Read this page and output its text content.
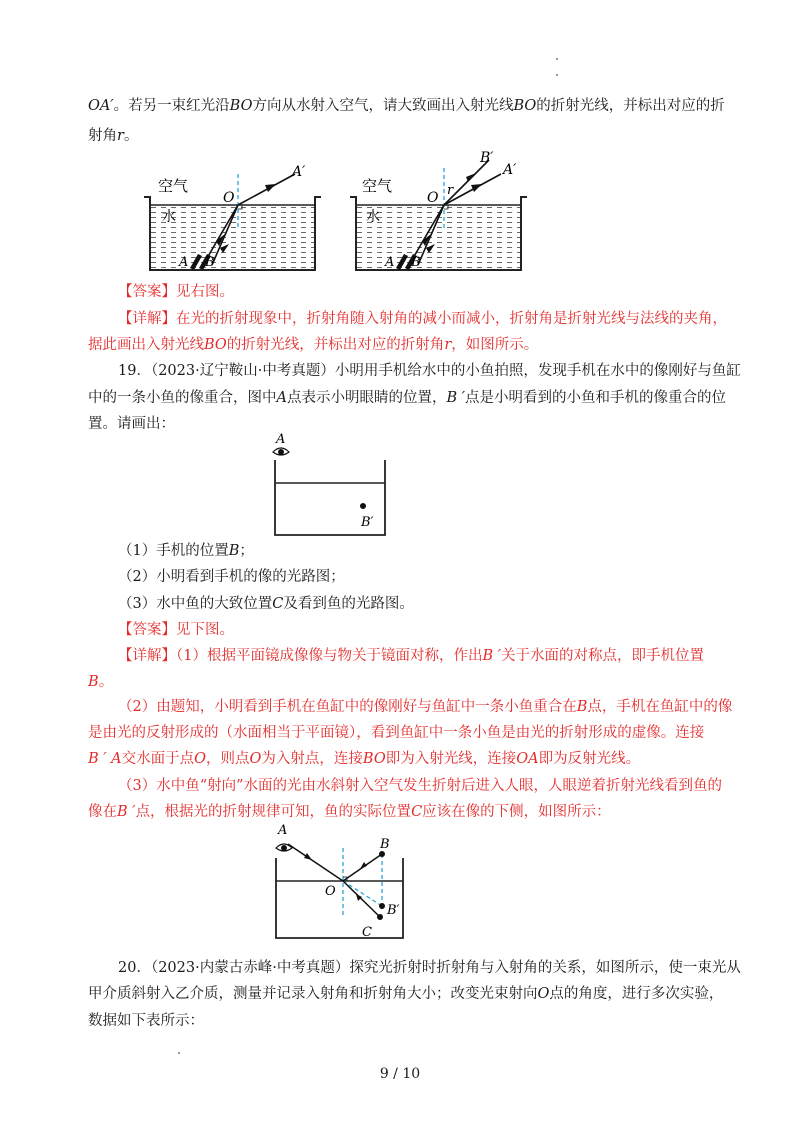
OA′。若另一束红光沿BO方向从水射入空气，请大致画出入射光线BO的折射光线，并标出对应的折
射角r。
空气
水
O
A′
A B
空气
水
O r
B′
A′
A B
【答案】见右图。
【详解】在光的折射现象中，折射角随入射角的减小而减小，折射角是折射光线与法线的夹角，
据此画出入射光线BO的折射光线，并标出对应的折射角r，如图所示。
19．（2023·辽宁鞍山·中考真题）小明用手机给水中的小鱼拍照，发现手机在水中的像刚好与鱼缸
中的一条小鱼的像重合，图中A点表示小明眼睛的位置，B ′点是小明看到的小鱼和手机的像重合的位
置。请画出：
A
B′
（1）手机的位置B；
（2）小明看到手机的像的光路图；
（3）水中鱼的大致位置C及看到鱼的光路图。
【答案】见下图。
【详解】（1）根据平面镜成像像与物关于镜面对称，作出B ′关于水面的对称点，即手机位置
B。
（2）由题知，小明看到手机在鱼缸中的像刚好与鱼缸中一条小鱼重合在B点，手机在鱼缸中的像
是由光的反射形成的（水面相当于平面镜），看到鱼缸中一条小鱼是由光的折射形成的虚像。连接
B ′ A交水面于点O，则点O为入射点，连接BO即为入射光线，连接OA即为反射光线。
（3）水中鱼“射向”水面的光由水斜射入空气发生折射后进入人眼，人眼逆着折射光线看到鱼的
像在B ′点，根据光的折射规律可知，鱼的实际位置C应该在像的下侧，如图所示：
A
B
O
B′
C
20．（2023·内蒙古赤峰·中考真题）探究光折射时折射角与入射角的关系，如图所示，使一束光从
甲介质斜射入乙介质，测量并记录入射角和折射角大小；改变光束射向O点的角度，进行多次实验，
数据如下表所示：
9 / 10
